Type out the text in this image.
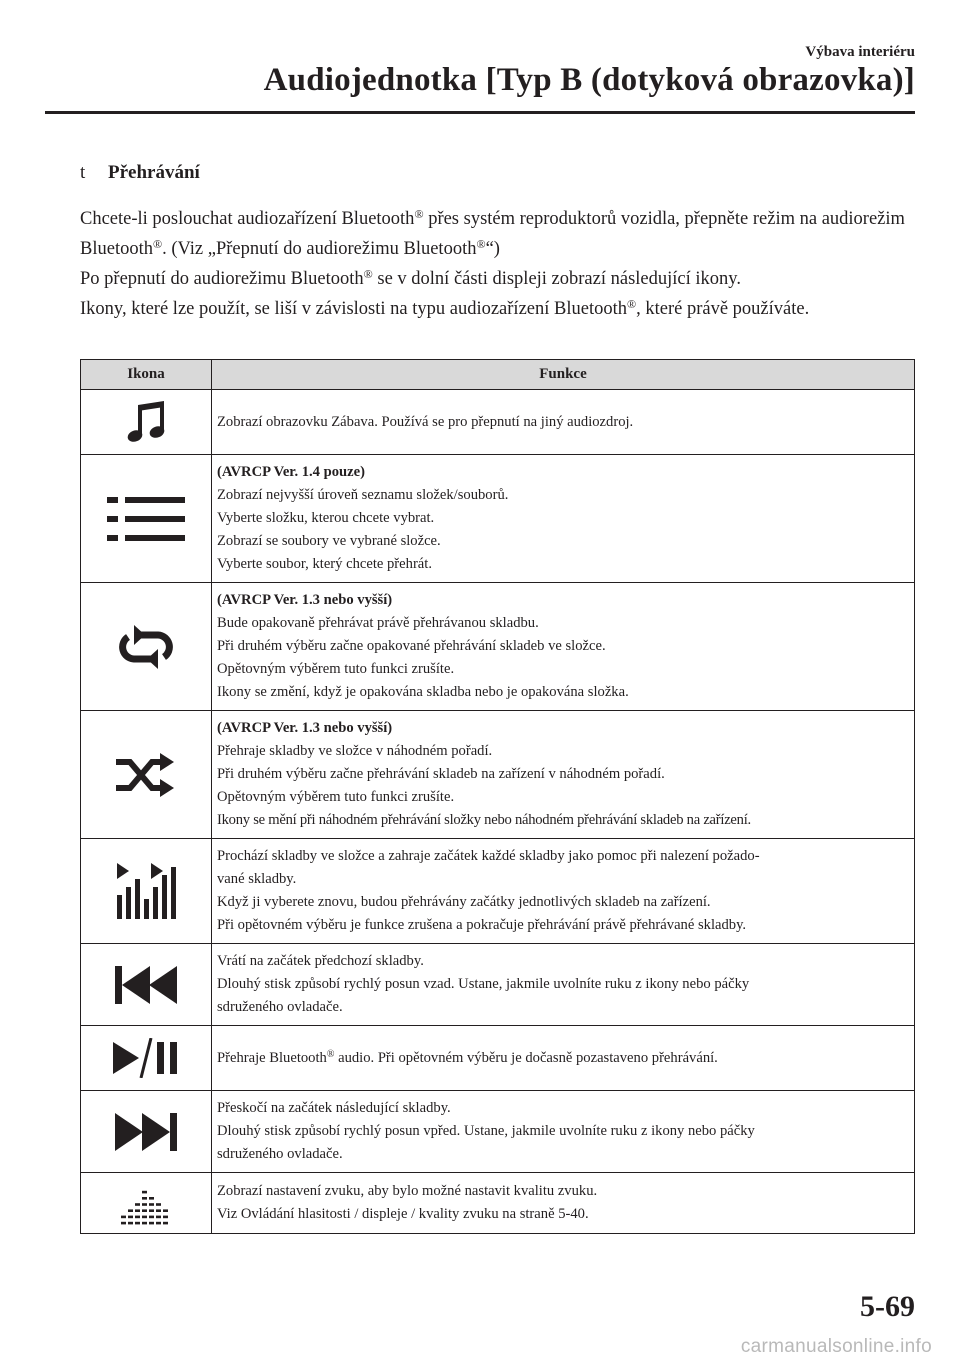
Výbava interiéru
Audiojednotka [Typ B (dotyková obrazovka)]
t Přehrávání

Chcete-li poslouchat audiozařízení Bluetooth® přes systém reproduktorů vozidla, přepněte režim na audiorežim Bluetooth®. (Viz „Přepnutí do audiorežimu Bluetooth®“)

Po přepnutí do audiorežimu Bluetooth® se v dolní části displeji zobrazí následující ikony.

Ikony, které lze použít, se liší v závislosti na typu audiozařízení Bluetooth®, které právě používáte.

Ikona	Funkce

Zobrazí obrazovku Zábava. Používá se pro přepnutí na jiný audiozdroj.

(AVRCP Ver. 1.4 pouze)
Zobrazí nejvyšší úroveň seznamu složek/souborů.
Vyberte složku, kterou chcete vybrat.
Zobrazí se soubory ve vybrané složce.
Vyberte soubor, který chcete přehrát.

(AVRCP Ver. 1.3 nebo vyšší)
Bude opakovaně přehrávat právě přehrávanou skladbu.
Při druhém výběru začne opakované přehrávání skladeb ve složce.
Opětovným výběrem tuto funkci zrušíte.
Ikony se změní, když je opakována skladba nebo je opakována složka.

(AVRCP Ver. 1.3 nebo vyšší)
Přehraje skladby ve složce v náhodném pořadí.
Při druhém výběru začne přehrávání skladeb na zařízení v náhodném pořadí.
Opětovným výběrem tuto funkci zrušíte.
Ikony se mění při náhodném přehrávání složky nebo náhodném přehrávání skladeb na zařízení.

Prochází skladby ve složce a zahraje začátek každé skladby jako pomoc při nalezení požado-
vané skladby.
Když ji vyberete znovu, budou přehrávány začátky jednotlivých skladeb na zařízení.
Při opětovném výběru je funkce zrušena a pokračuje přehrávání právě přehrávané skladby.

Vrátí na začátek předchozí skladby.
Dlouhý stisk způsobí rychlý posun vzad. Ustane, jakmile uvolníte ruku z ikony nebo páčky
sdruženého ovladače.

Přehraje Bluetooth® audio. Při opětovném výběru je dočasně pozastaveno přehrávání.

Přeskočí na začátek následující skladby.
Dlouhý stisk způsobí rychlý posun vpřed. Ustane, jakmile uvolníte ruku z ikony nebo páčky
sdruženého ovladače.

Zobrazí nastavení zvuku, aby bylo možné nastavit kvalitu zvuku.
Viz Ovládání hlasitosti / displeje / kvality zvuku na straně 5-40.
5-69
carmanualsonline.info
